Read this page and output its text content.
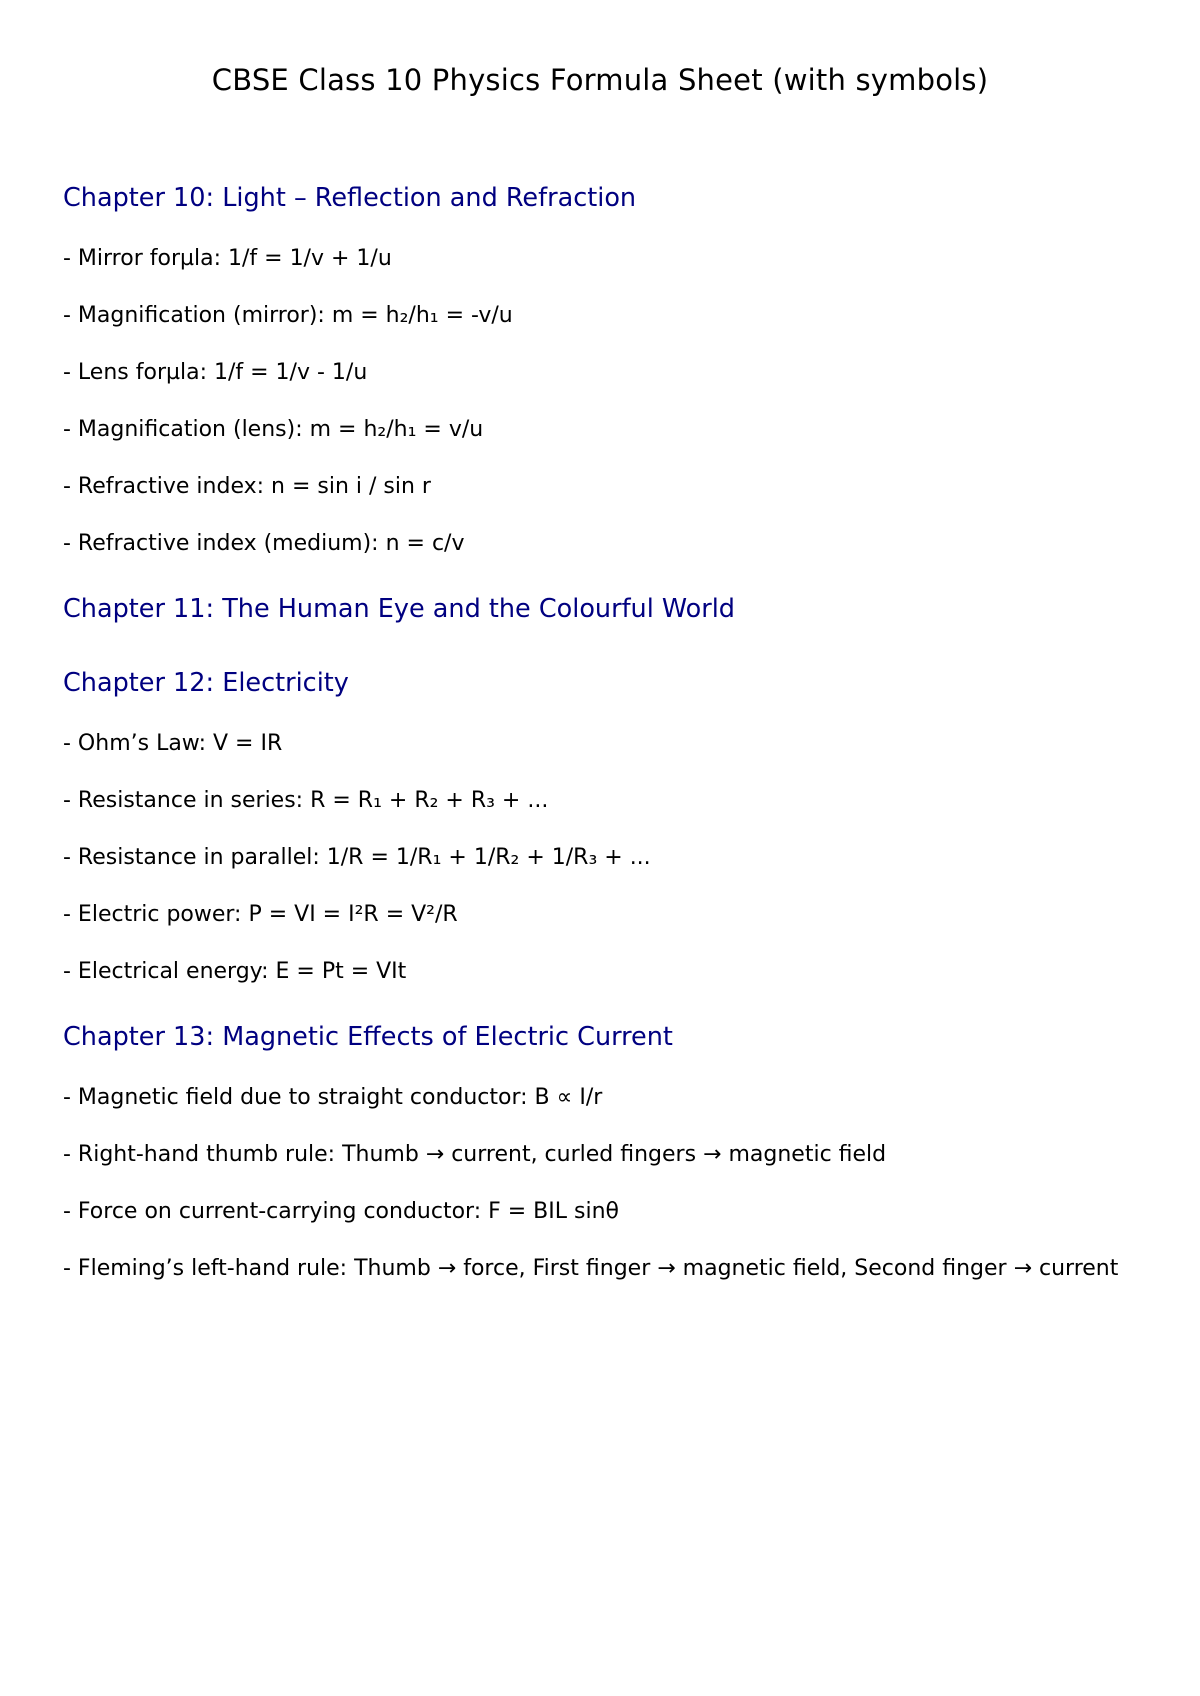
CBSE Class 10 Physics Formula Sheet (with symbols)
Chapter 10: Light – Reflection and Refraction
- Mirror forµla: 1/f = 1/v + 1/u
- Magnification (mirror): m = h₂/h₁ = -v/u
- Lens forµla: 1/f = 1/v - 1/u
- Magnification (lens): m = h₂/h₁ = v/u
- Refractive index: n = sin i / sin r
- Refractive index (medium): n = c/v
Chapter 11: The Human Eye and the Colourful World
Chapter 12: Electricity
- Ohm’s Law: V = IR
- Resistance in series: R = R₁ + R₂ + R₃ + ...
- Resistance in parallel: 1/R = 1/R₁ + 1/R₂ + 1/R₃ + ...
- Electric power: P = VI = I²R = V²/R
- Electrical energy: E = Pt = VIt
Chapter 13: Magnetic Effects of Electric Current
- Magnetic field due to straight conductor: B ∝ I/r
- Right-hand thumb rule: Thumb → current, curled fingers → magnetic field
- Force on current-carrying conductor: F = BIL sinθ
- Fleming’s left-hand rule: Thumb → force, First finger → magnetic field, Second finger → current
